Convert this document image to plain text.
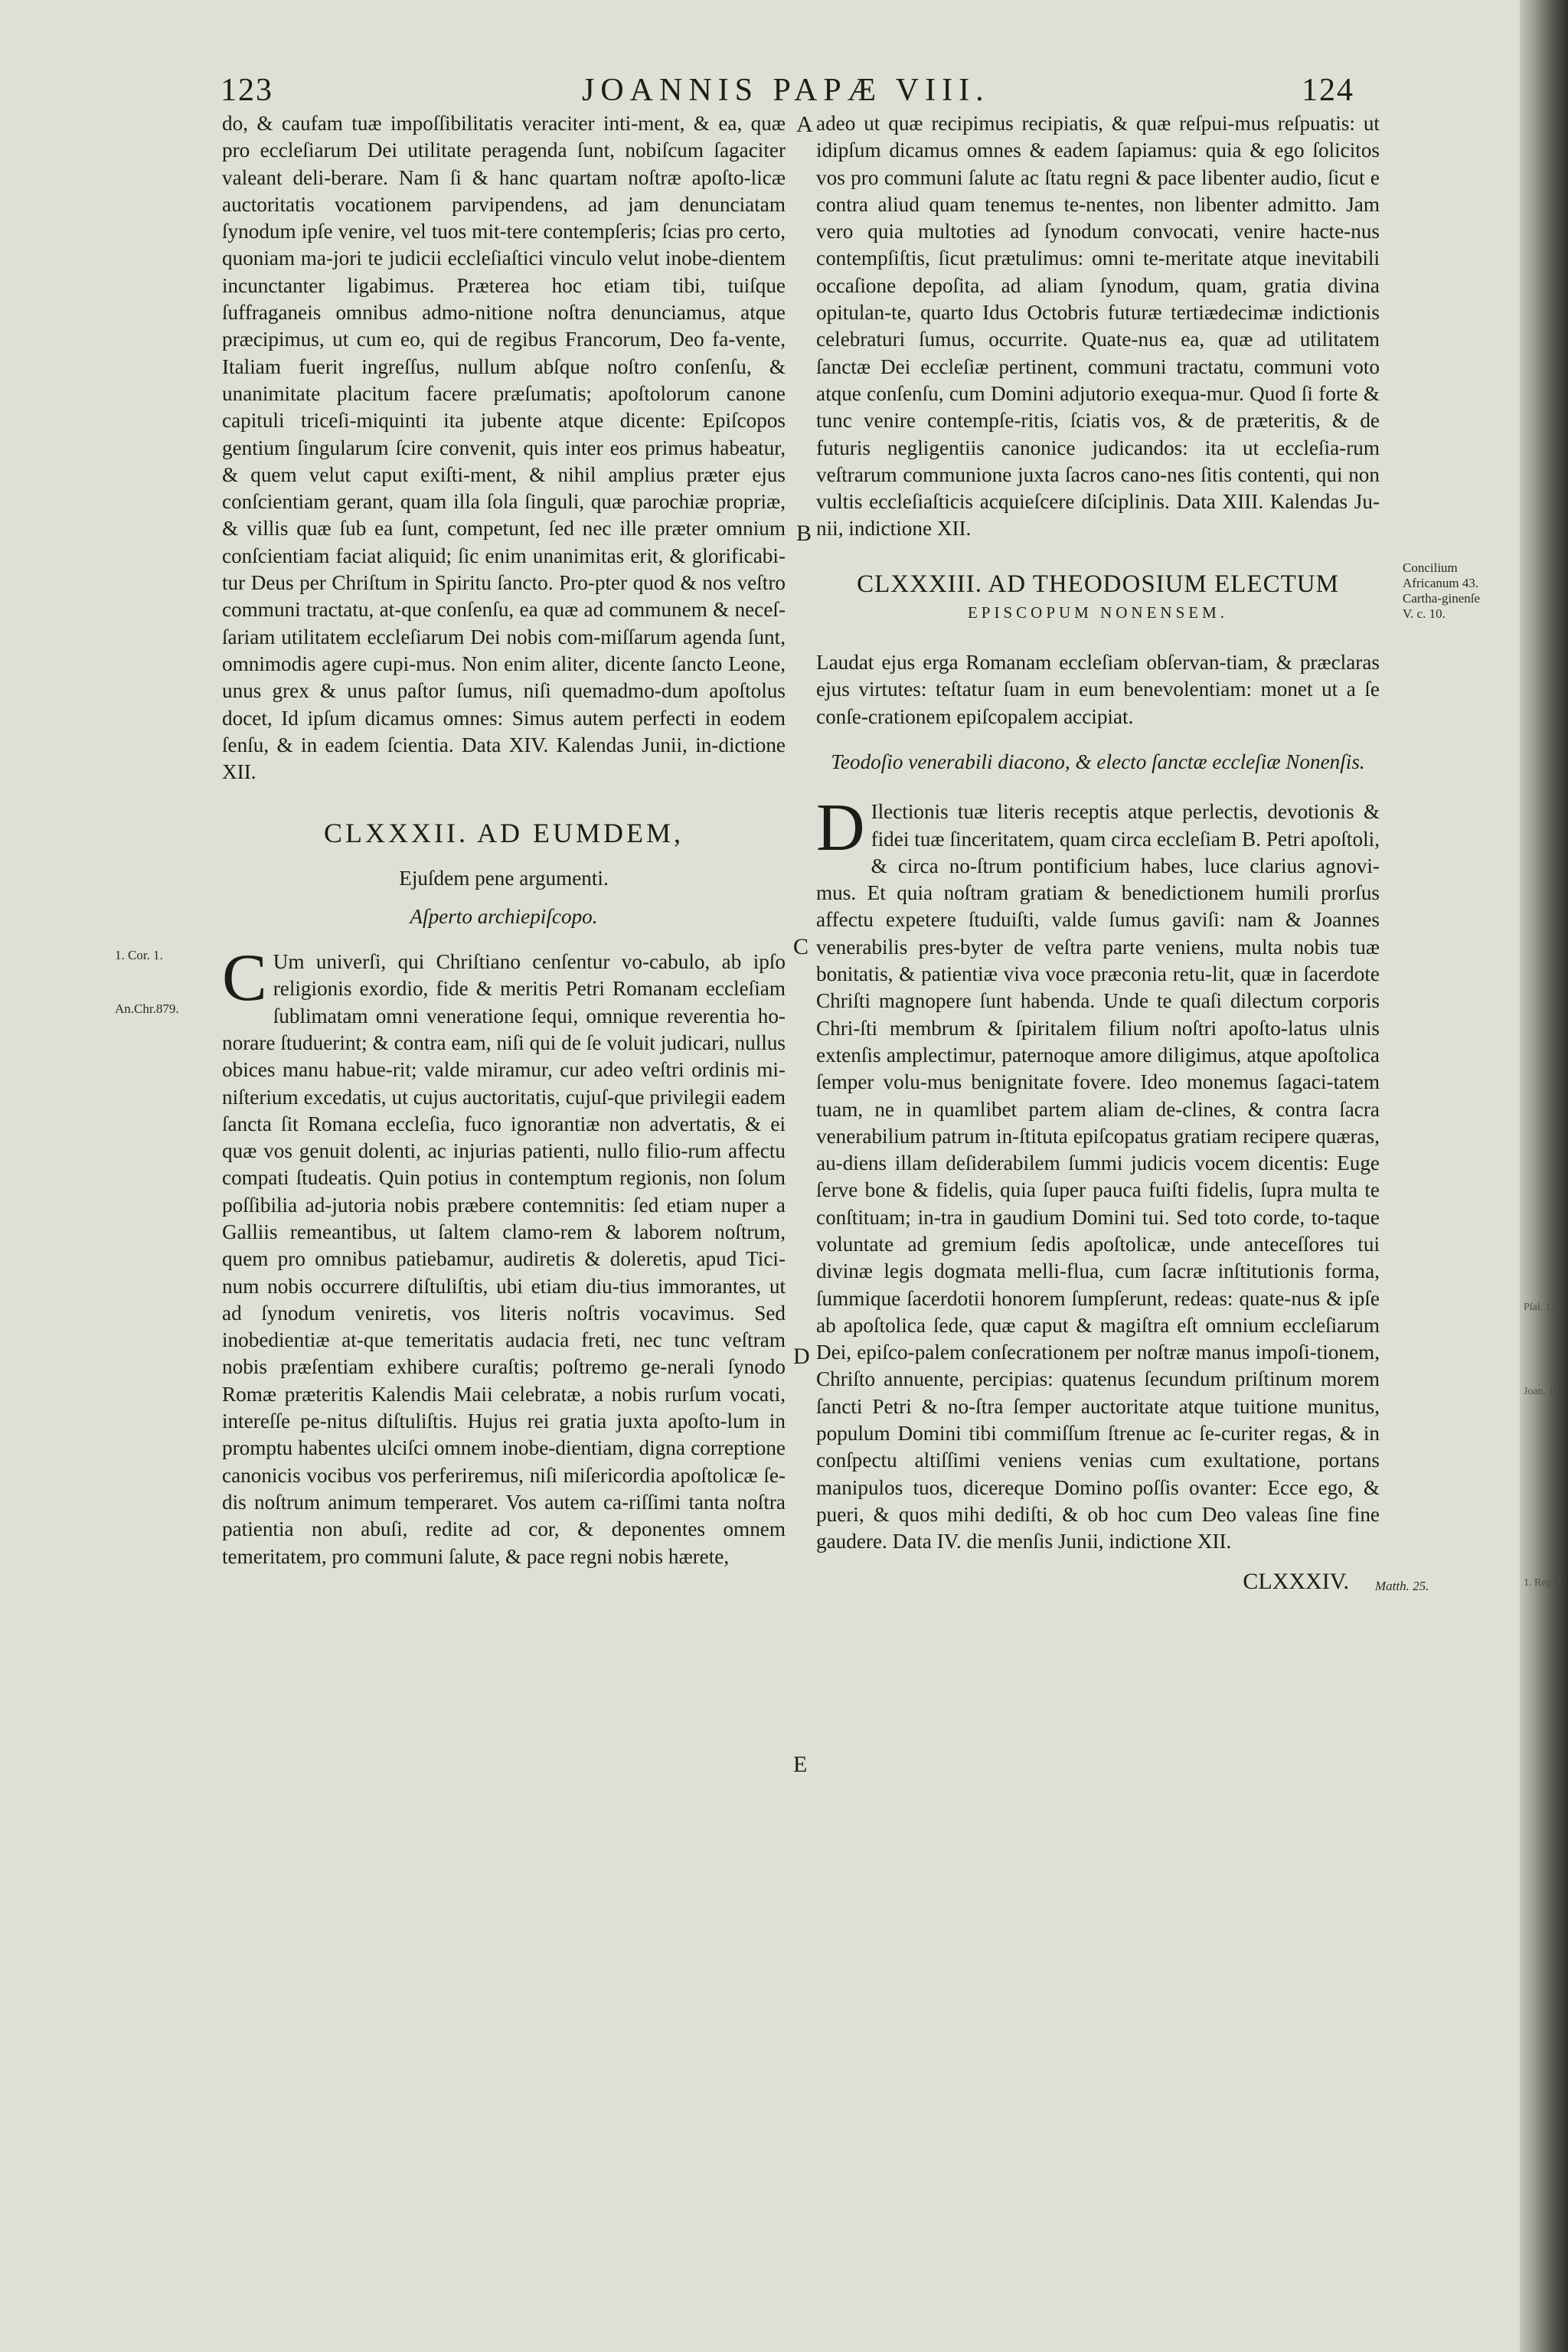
123	JOANNIS PAPÆ VIII.	124

do, & caufam tuæ impoſſibilitatis veraciter inti-ment, & ea, quæ pro eccleſiarum Dei utilitate peragenda ſunt, nobiſcum ſagaciter valeant deli-berare. Nam ſi & hanc quartam noſtræ apoſto-licæ auctoritatis vocationem parvipendens, ad jam denunciatam ſynodum ipſe venire, vel tuos mit-tere contempſeris; ſcias pro certo, quoniam ma-jori te judicii eccleſiaſtici vinculo velut inobe-dientem incunctanter ligabimus. Præterea hoc etiam tibi, tuiſque ſuffraganeis omnibus admo-nitione noſtra denunciamus, atque præcipimus, ut cum eo, qui de regibus Francorum, Deo fa-vente, Italiam fuerit ingreſſus, nullum abſque noſtro conſenſu, & unanimitate placitum facere præſumatis; apoſtolorum canone capituli triceſi-miquinti ita jubente atque dicente: Epiſcopos gentium ſingularum ſcire convenit, quis inter eos primus habeatur, & quem velut caput exiſti-ment, & nihil amplius præter ejus conſcientiam gerant, quam illa ſola ſinguli, quæ parochiæ propriæ, & villis quæ ſub ea ſunt, competunt, ſed nec ille præter omnium conſcientiam faciat aliquid; ſic enim unanimitas erit, & glorificabi-tur Deus per Chriſtum in Spiritu ſancto. Pro-pter quod & nos veſtro communi tractatu, at-que conſenſu, ea quæ ad communem & neceſ-ſariam utilitatem eccleſiarum Dei nobis com-miſſarum agenda ſunt, omnimodis agere cupi-mus. Non enim aliter, dicente ſancto Leone, unus grex & unus paſtor ſumus, niſi quemadmo-dum apoſtolus docet, Id ipſum dicamus omnes: Simus autem perfecti in eodem ſenſu, & in eadem ſcientia. Data XIV. Kalendas Junii, in-dictione XII.

CLXXXII. AD EUMDEM,

Ejuſdem pene argumenti.

Aſperto archiepiſcopo.

C Um univerſi, qui Chriſtiano cenſentur vo-cabulo, ab ipſo religionis exordio, fide & meritis Petri Romanam eccleſiam ſublimatam omni veneratione ſequi, omnique reverentia ho-norare ſtuduerint; & contra eam, niſi qui de ſe voluit judicari, nullus obices manu habue-rit; valde miramur, cur adeo veſtri ordinis mi-niſterium excedatis, ut cujus auctoritatis, cujuſ-que privilegii eadem ſancta ſit Romana eccleſia, fuco ignorantiæ non advertatis, & ei quæ vos genuit dolenti, ac injurias patienti, nullo filio-rum affectu compati ſtudeatis. Quin potius in contemptum regionis, non ſolum poſſibilia ad-jutoria nobis præbere contemnitis: ſed etiam nuper a Galliis remeantibus, ut ſaltem clamo-rem & laborem noſtrum, quem pro omnibus patiebamur, audiretis & doleretis, apud Tici-num nobis occurrere diſtuliſtis, ubi etiam diu-tius immorantes, ut ad ſynodum veniretis, vos literis noſtris vocavimus. Sed inobedientiæ at-que temeritatis audacia freti, nec tunc veſtram nobis præſentiam exhibere curaſtis; poſtremo ge-nerali ſynodo Romæ præteritis Kalendis Maii celebratæ, a nobis rurſum vocati, intereſſe pe-nitus diſtuliſtis. Hujus rei gratia juxta apoſto-lum in promptu habentes ulciſci omnem inobe-dientiam, digna correptione canonicis vocibus vos perferiremus, niſi miſericordia apoſtolicæ ſe-dis noſtrum animum temperaret. Vos autem ca-riſſimi tanta noſtra patientia non abuſi, redite ad cor, & deponentes omnem temeritatem, pro communi ſalute, & pace regni nobis hærete,

1. Cor. 1.
An.Chr.879.
A
B
C
D
E

adeo ut quæ recipimus recipiatis, & quæ reſpui-mus reſpuatis: ut idipſum dicamus omnes & eadem ſapiamus: quia & ego ſolicitos vos pro communi ſalute ac ſtatu regni & pace libenter audio, ſicut e contra aliud quam tenemus te-nentes, non libenter admitto. Jam vero quia multoties ad ſynodum convocati, venire hacte-nus contempſiſtis, ſicut prætulimus: omni te-meritate atque inevitabili occaſione depoſita, ad aliam ſynodum, quam, gratia divina opitulan-te, quarto Idus Octobris futuræ tertiædecimæ indictionis celebraturi ſumus, occurrite. Quate-nus ea, quæ ad utilitatem ſanctæ Dei eccleſiæ pertinent, communi tractatu, communi voto atque conſenſu, cum Domini adjutorio exequa-mur. Quod ſi forte & tunc venire contempſe-ritis, ſciatis vos, & de præteritis, & de futuris negligentiis canonice judicandos: ita ut eccleſia-rum veſtrarum communione juxta ſacros cano-nes ſitis contenti, qui non vultis eccleſiaſticis acquieſcere diſciplinis. Data XIII. Kalendas Ju-nii, indictione XII.

CLXXXIII. AD THEODOSIUM ELECTUM

EPISCOPUM NONENSEM.

Laudat ejus erga Romanam eccleſiam obſervan-tiam, & præclaras ejus virtutes: teſtatur ſuam in eum benevolentiam: monet ut a ſe conſe-crationem epiſcopalem accipiat.

Teodoſio venerabili diacono, & electo ſanctæ eccleſiæ Nonenſis.

D Ilectionis tuæ literis receptis atque perlectis, devotionis & fidei tuæ ſinceritatem, quam circa eccleſiam B. Petri apoſtoli, & circa no-ſtrum pontificium habes, luce clarius agnovi-mus. Et quia noſtram gratiam & benedictionem humili prorſus affectu expetere ſtuduiſti, valde ſumus gaviſi: nam & Joannes venerabilis pres-byter de veſtra parte veniens, multa nobis tuæ bonitatis, & patientiæ viva voce præconia retu-lit, quæ in ſacerdote Chriſti magnopere ſunt habenda. Unde te quaſi dilectum corporis Chri-ſti membrum & ſpiritalem filium noſtri apoſto-latus ulnis extenſis amplectimur, paternoque amore diligimus, atque apoſtolica ſemper volu-mus benignitate fovere. Ideo monemus ſagaci-tatem tuam, ne in quamlibet partem aliam de-clines, & contra ſacra venerabilium patrum in-ſtituta epiſcopatus gratiam recipere quæras, au-diens illam deſiderabilem ſummi judicis vocem dicentis: Euge ſerve bone & fidelis, quia ſuper pauca fuiſti fidelis, ſupra multa te conſtituam; in-tra in gaudium Domini tui. Sed toto corde, to-taque voluntate ad gremium ſedis apoſtolicæ, unde anteceſſores tui divinæ legis dogmata melli-flua, cum ſacræ inſtitutionis forma, ſummique ſacerdotii honorem ſumpſerunt, redeas: quate-nus & ipſe ab apoſtolica ſede, quæ caput & magiſtra eſt omnium eccleſiarum Dei, epiſco-palem conſecrationem per noſtræ manus impoſi-tionem, Chriſto annuente, percipias: quatenus ſecundum priſtinum morem ſancti Petri & no-ſtra ſemper auctoritate atque tuitione munitus, populum Domini tibi commiſſum ſtrenue ac ſe-curiter regas, & in conſpectu altiſſimi veniens venias cum exultatione, portans manipulos tuos, dicereque Domino poſſis ovanter: Ecce ego, & pueri, & quos mihi dediſti, & ob hoc cum Deo valeas ſine fine gaudere. Data IV. die menſis Junii, indictione XII.

CLXXXIV.

Concilium Africanum 43. Cartha-ginenſe V. c. 10.
Matth. 25.
Pſal. 111.
Joan. 14.
1. Reg. 1.
